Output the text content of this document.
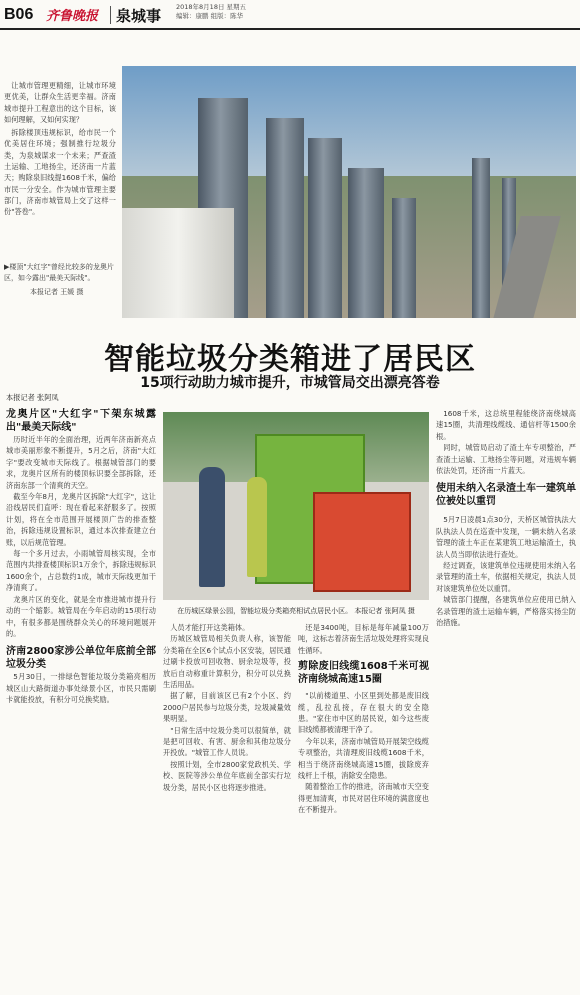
B06 齐鲁晚报 泉城事 2018年8月18日 星期五
编辑：康鹏 组版：陈华

让城市管理更精细，让城市环境更优美，让群众生活更幸福。济南城市提升工程意出的这个目标，该如何理解，又如何实现？

拆除楼顶违规标识，给市民一个优美居住环境；强制推行垃圾分类，为泉城谋求一个未来；严查渣土运输、工地扬尘，还济南一片蓝天；购除泉旧线提1608千米，偏给市民一分安全。作为城市管理主要部门，济南市城管局上交了这样一份"答卷"。

▶楼顶"大红字"曾经比较多的龙奥片区，如今露出"最美天际线"。
本报记者 王媛 摄
智能垃圾分类箱进了居民区
15项行动助力城市提升，市城管局交出漂亮答卷
本报记者 张阿凤
龙奥片区"大红字"下架东城露出"最美天际线"

历时近半年的全面治理，近两年济南新亮点城市美丽形象不断提升，5月之后，济南"大红字"要改变城市天际线了。根据城管部门的要求，龙奥片区所有的楼顶标识要全部拆除，还济南东部一个清爽的天空。

截至今年8月，龙奥片区拆除"大红字"，这让沿线居民们直呼：现在看起来舒服多了。按照计划，将在全市范围开展楼顶广告的排查整治，拆除违规设置标识，通过本次排查建立台账，以后规范管理。

每一个多月过去，小雨城管局核实现，全市范围内共排查楼顶标识1万余个，拆除违规标识1600余个，占总数约1成，城市天际线更加干净清爽了。

龙奥片区的变化，就是全市推进城市提升行动的一个缩影。城管局在今年启动的15项行动中，有很多都是围绕群众关心的环境问题展开的。

济南2800家涉公单位年底前全部垃圾分类

5月30日，一排绿色智能垃圾分类箱亮相历城区山大路街道办事处绿景小区，市民只需刷卡就能投放，有积分可兑换奖励。

在历城区绿景公园，智能垃圾分类箱亮相试点居民小区。 本报记者 张阿凤 摄

人员才能打开这类箱体。

历城区城管局相关负责人称，该智能分类箱在全区6个试点小区安装，居民通过刷卡投放可回收物、厨余垃圾等，投放后自动称重计算积分，积分可以兑换生活用品。

据了解，目前该区已有2个小区、约2000户居民参与垃圾分类，垃圾减量效果明显。

"日常生活中垃圾分类可以很简单，就是把可回收、有害、厨余和其他垃圾分开投放。"城管工作人员说。

按照计划，全市2800家党政机关、学校、医院等涉公单位年底前全部实行垃圾分类，居民小区也将逐步推进。

还是3400吨，目标是每年减量100万吨，这标志着济南生活垃圾处理将实现良性循环。

剪除废旧线缆1608千米可视济南绕城高速15圈

"以前楼道里、小区里到处都是废旧线缆，乱拉乱接，存在很大的安全隐患。"家住市中区的居民说，如今这些废旧线缆都被清理干净了。

今年以来，济南市城管局开展架空线缆专项整治，共清理废旧线缆1608千米，相当于绕济南绕城高速15圈，拔除废弃线杆上千根，消除安全隐患。

随着整治工作的推进，济南城市天空变得更加清爽，市民对居住环境的满意度也在不断提升。

1608千米，这总统里程能绕济南绕城高速15圈，共清理线缆线、通信杆等1500余根。

同时，城管局启动了渣土车专项整治，严查渣土运输、工地扬尘等问题，对违规车辆依法处罚，还济南一片蓝天。

使用未纳入名录渣土车一建筑单位被处以重罚

5月7日凌晨1点30分，天桥区城管执法大队执法人员在巡查中发现，一辆未纳入名录管理的渣土车正在某建筑工地运输渣土，执法人员当即依法进行查处。

经过调查，该建筑单位违规使用未纳入名录管理的渣土车，依据相关规定，执法人员对该建筑单位处以重罚。

城管部门提醒，各建筑单位应使用已纳入名录管理的渣土运输车辆，严格落实扬尘防治措施。
